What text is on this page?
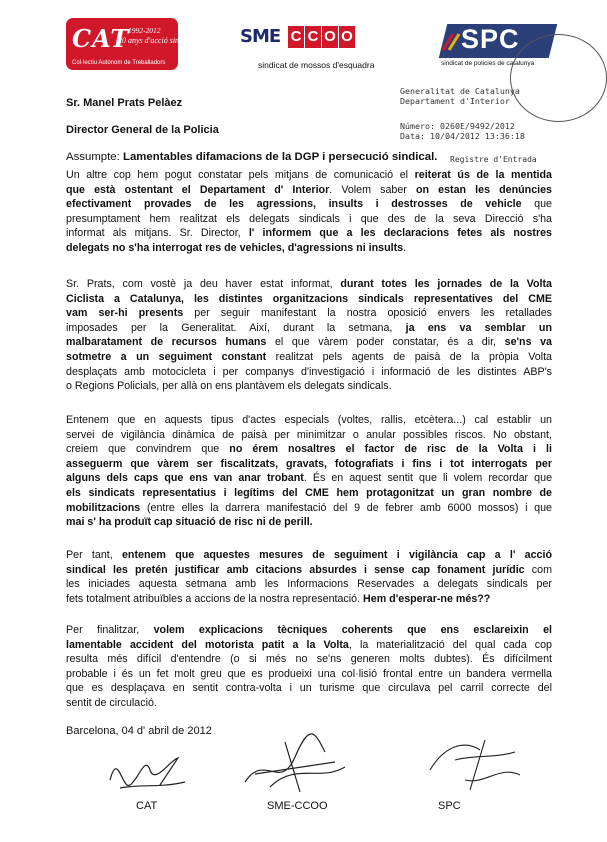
CAT
1992-2012
20 anys d'acció sindical
Col·lectiu Autònom de Treballadors
SME C C O O
sindicat de mossos d'esquadra
SPC
sindicat de policies de catalunya
Generalitat de Catalunya
Departament d'Interior
Número: 0260E/9492/2012
Data: 10/04/2012 13:36:18
Registre d'Entrada
Sr. Manel Prats Pelàez
Director General de la Policia
Assumpte: Lamentables difamacions de la DGP i persecució sindical.
Un altre cop hem pogut constatar pels mitjans de comunicació el reiterat ús de la mentida
que està ostentant el Departament d' Interior. Volem saber on estan les denúncies
efectivament provades de les agressions, insults i destrosses de vehicle que
presumptament hem realitzat els delegats sindicals i que des de la seva Direcció s'ha
informat als mitjans. Sr. Director, l' informem que a les declaracions fetes als nostres
delegats no s'ha interrogat res de vehicles, d'agressions ni insults.
Sr. Prats, com vostè ja deu haver estat informat, durant totes les jornades de la Volta
Ciclista a Catalunya, les distintes organitzacions sindicals representatives del CME
vam ser-hi presents per seguir manifestant la nostra oposició envers les retallades
imposades per la Generalitat. Així, durant la setmana, ja ens va semblar un
malbaratament de recursos humans el que vàrem poder constatar, és a dir, se'ns va
sotmetre a un seguiment constant realitzat pels agents de paisà de la pròpia Volta
desplaçats amb motocicleta i per companys d'investigació i informació de les distintes ABP's
o Regions Policials, per allà on ens plantàvem els delegats sindicals.
Entenem que en aquests tipus d'actes especials (voltes, rallis, etcètera...) cal establir un
servei de vigilància dinàmica de paisà per minimitzar o anular possibles riscos. No obstant,
creiem que convindrem que no érem nosaltres el factor de risc de la Volta i li
asseguerm que vàrem ser fiscalitzats, gravats, fotografiats i fins i tot interrogats per
alguns dels caps que ens van anar trobant. És en aquest sentit que li volem recordar que
els sindicats representatius i legítims del CME hem protagonitzat un gran nombre de
mobilitzacions (entre elles la darrera manifestació del 9 de febrer amb 6000 mossos) i que
mai s' ha produït cap situació de risc ni de perill.
Per tant, entenem que aquestes mesures de seguiment i vigilància cap a l' acció
sindical les pretén justificar amb citacions absurdes i sense cap fonament jurídic com
les iniciades aquesta setmana amb les Informacions Reservades a delegats sindicals per
fets totalment atribuïbles a accions de la nostra representació. Hem d'esperar-ne més??
Per finalitzar, volem explicacions tècniques coherents que ens esclareixin el
lamentable accident del motorista patit a la Volta, la materialització del qual cada cop
resulta més difícil d'entendre (o si més no se'ns generen molts dubtes). És difícilment
probable i és un fet molt greu que es produeixi una col·lisió frontal entre un bandera vermella
que es desplaçava en sentit contra-volta i un turisme que circulava pel carril correcte del
sentit de circulació.
Barcelona, 04 d' abril de 2012
CAT	SME-CCOO	SPC
